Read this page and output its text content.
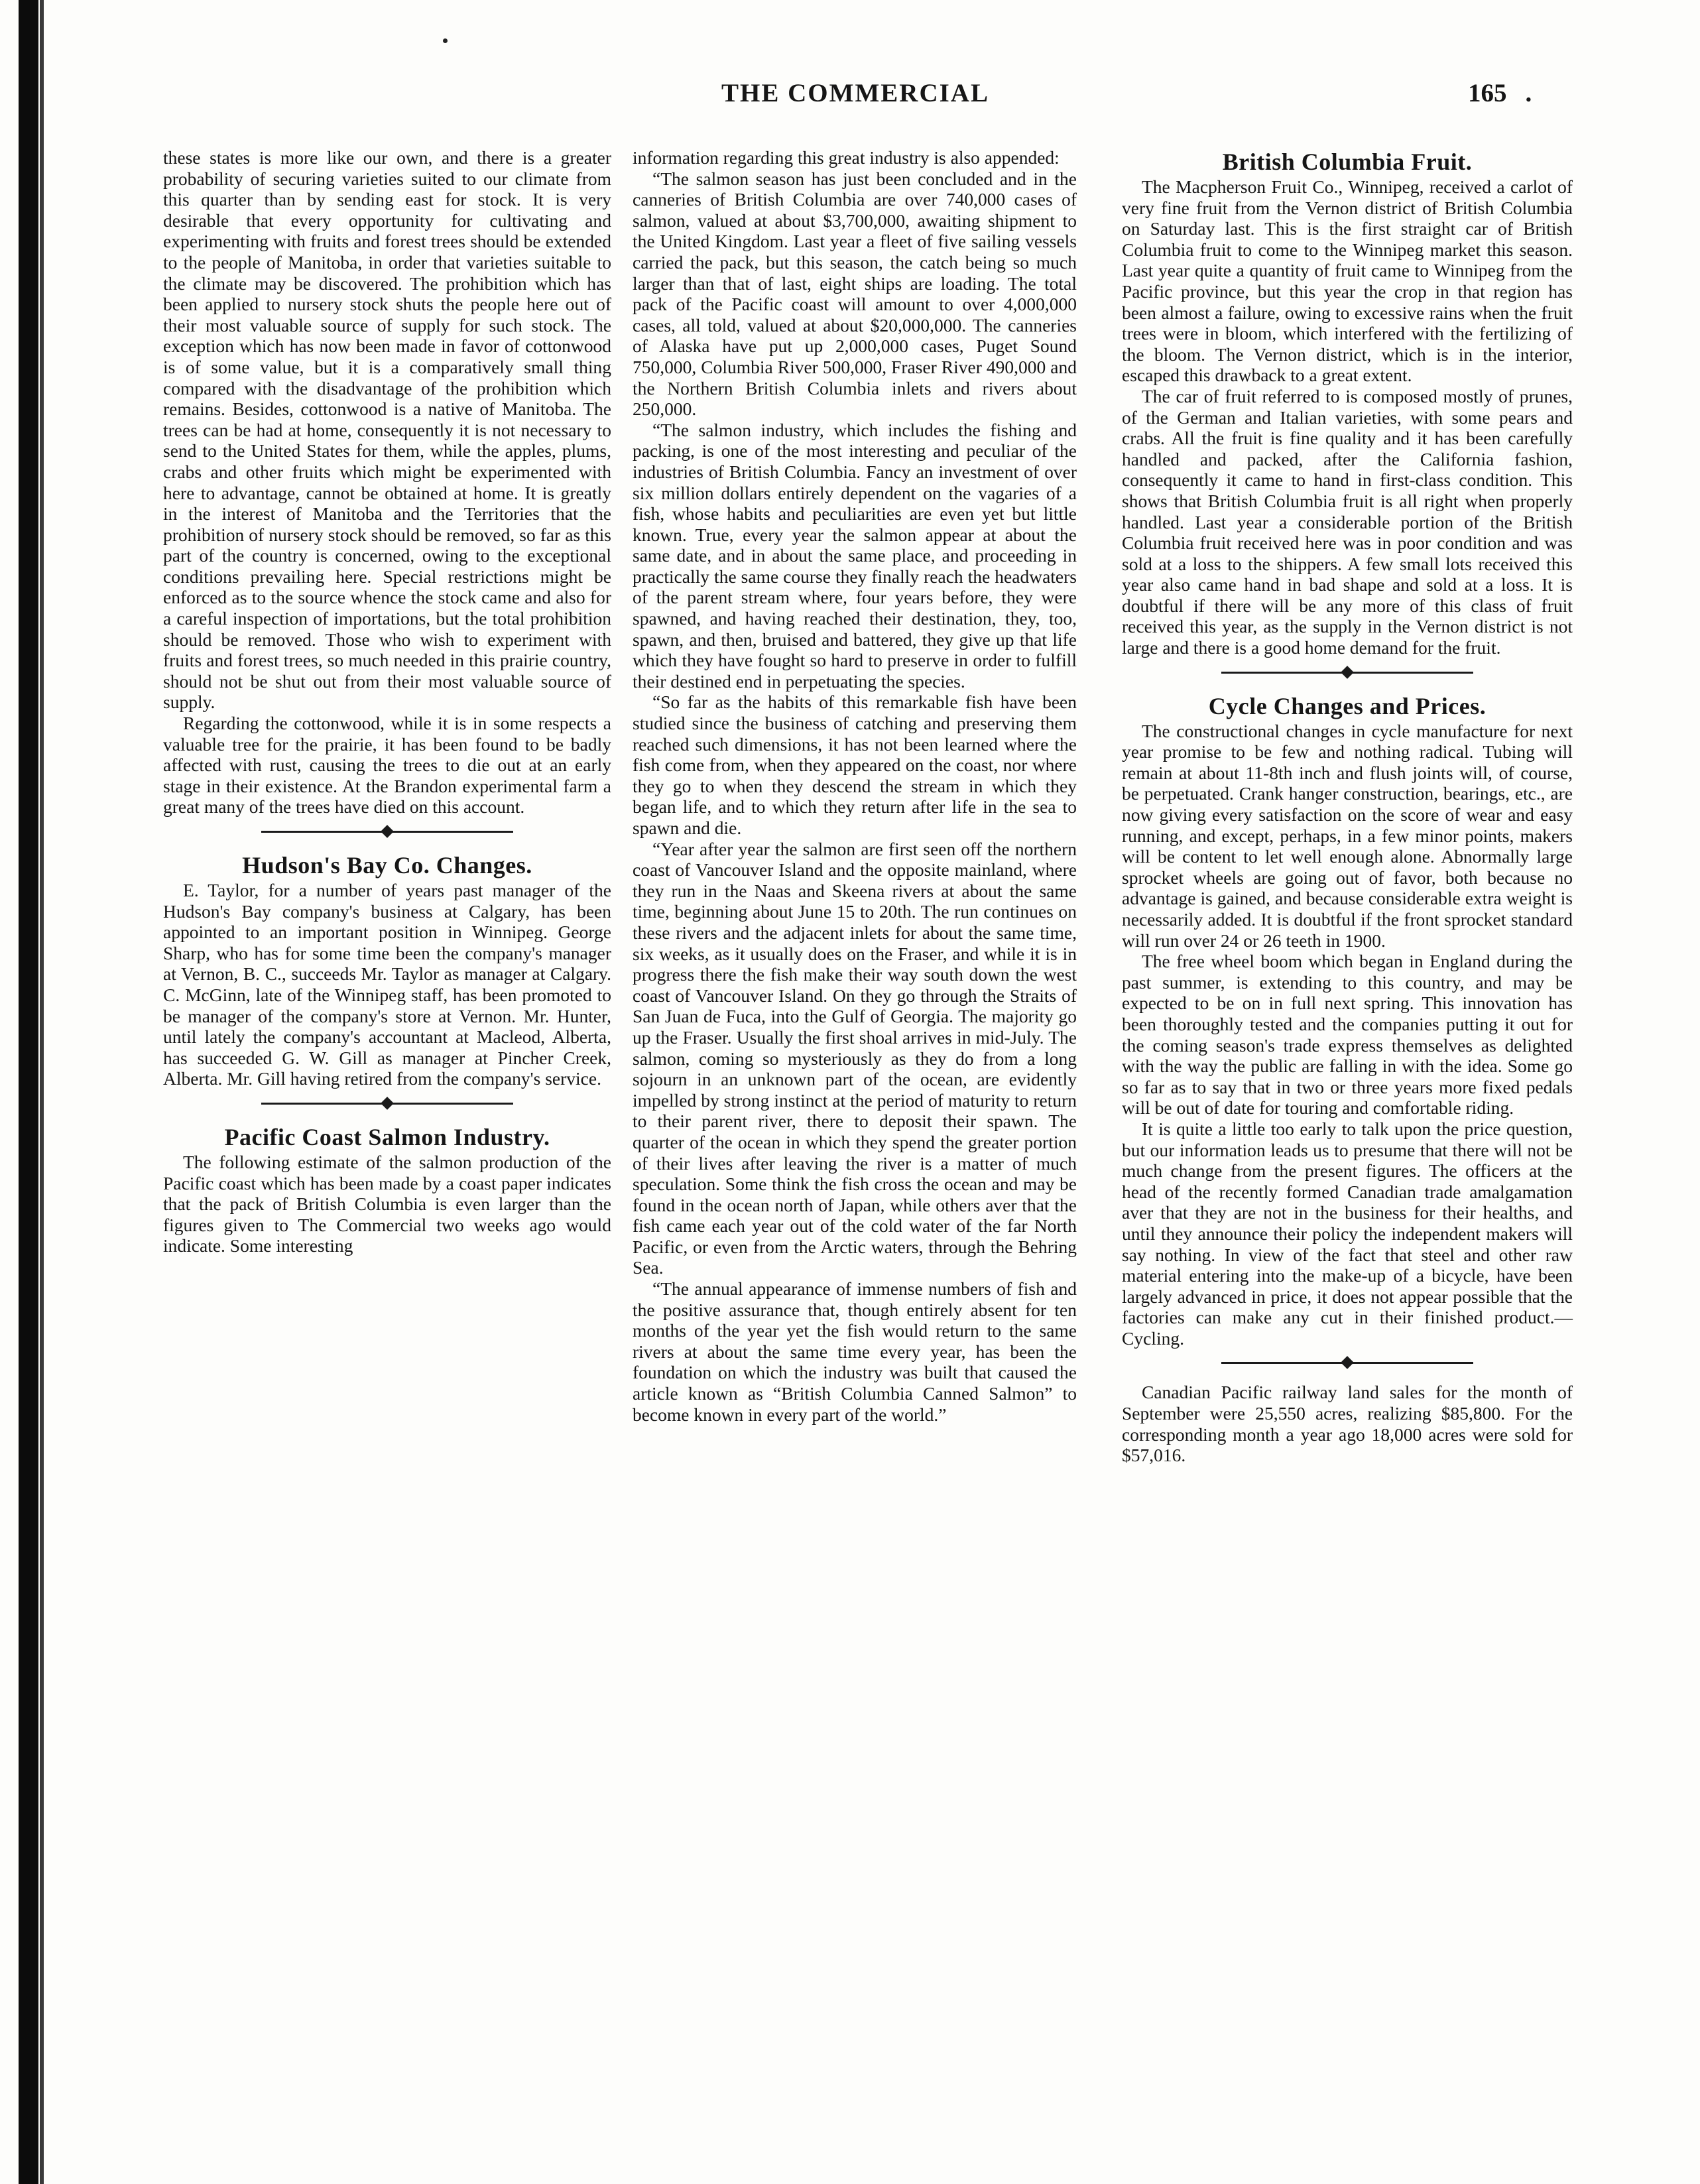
THE COMMERCIAL	165 .

these states is more like our own, and there is a greater probability of securing varieties suited to our climate from this quarter than by sending east for stock. It is very desirable that every opportunity for cultivating and experimenting with fruits and forest trees should be extended to the people of Manitoba, in order that varieties suitable to the climate may be discovered. The prohibition which has been applied to nursery stock shuts the people here out of their most valuable source of supply for such stock. The exception which has now been made in favor of cottonwood is of some value, but it is a comparatively small thing compared with the disadvantage of the prohibition which remains. Besides, cottonwood is a native of Manitoba. The trees can be had at home, consequently it is not necessary to send to the United States for them, while the apples, plums, crabs and other fruits which might be experimented with here to advantage, cannot be obtained at home. It is greatly in the interest of Manitoba and the Territories that the prohibition of nursery stock should be removed, so far as this part of the country is concerned, owing to the exceptional conditions prevailing here. Special restrictions might be enforced as to the source whence the stock came and also for a careful inspection of importations, but the total prohibition should be removed. Those who wish to experiment with fruits and forest trees, so much needed in this prairie country, should not be shut out from their most valuable source of supply.

Regarding the cottonwood, while it is in some respects a valuable tree for the prairie, it has been found to be badly affected with rust, causing the trees to die out at an early stage in their existence. At the Brandon experimental farm a great many of the trees have died on this account.

Hudson's Bay Co. Changes.

E. Taylor, for a number of years past manager of the Hudson's Bay company's business at Calgary, has been appointed to an important position in Winnipeg. George Sharp, who has for some time been the company's manager at Vernon, B. C., succeeds Mr. Taylor as manager at Calgary. C. McGinn, late of the Winnipeg staff, has been promoted to be manager of the company's store at Vernon. Mr. Hunter, until lately the company's accountant at Macleod, Alberta, has succeeded G. W. Gill as manager at Pincher Creek, Alberta. Mr. Gill having retired from the company's service.

Pacific Coast Salmon Industry.

The following estimate of the salmon production of the Pacific coast which has been made by a coast paper indicates that the pack of British Columbia is even larger than the figures given to The Commercial two weeks ago would indicate. Some interesting

information regarding this great industry is also appended:

“The salmon season has just been concluded and in the canneries of British Columbia are over 740,000 cases of salmon, valued at about $3,700,000, awaiting shipment to the United Kingdom. Last year a fleet of five sailing vessels carried the pack, but this season, the catch being so much larger than that of last, eight ships are loading. The total pack of the Pacific coast will amount to over 4,000,000 cases, all told, valued at about $20,000,000. The canneries of Alaska have put up 2,000,000 cases, Puget Sound 750,000, Columbia River 500,000, Fraser River 490,000 and the Northern British Columbia inlets and rivers about 250,000.

“The salmon industry, which includes the fishing and packing, is one of the most interesting and peculiar of the industries of British Columbia. Fancy an investment of over six million dollars entirely dependent on the vagaries of a fish, whose habits and peculiarities are even yet but little known. True, every year the salmon appear at about the same date, and in about the same place, and proceeding in practically the same course they finally reach the headwaters of the parent stream where, four years before, they were spawned, and having reached their destination, they, too, spawn, and then, bruised and battered, they give up that life which they have fought so hard to preserve in order to fulfill their destined end in perpetuating the species.

“So far as the habits of this remarkable fish have been studied since the business of catching and preserving them reached such dimensions, it has not been learned where the fish come from, when they appeared on the coast, nor where they go to when they descend the stream in which they began life, and to which they return after life in the sea to spawn and die.

“Year after year the salmon are first seen off the northern coast of Vancouver Island and the opposite mainland, where they run in the Naas and Skeena rivers at about the same time, beginning about June 15 to 20th. The run continues on these rivers and the adjacent inlets for about the same time, six weeks, as it usually does on the Fraser, and while it is in progress there the fish make their way south down the west coast of Vancouver Island. On they go through the Straits of San Juan de Fuca, into the Gulf of Georgia. The majority go up the Fraser. Usually the first shoal arrives in mid-July. The salmon, coming so mysteriously as they do from a long sojourn in an unknown part of the ocean, are evidently impelled by strong instinct at the period of maturity to return to their parent river, there to deposit their spawn. The quarter of the ocean in which they spend the greater portion of their lives after leaving the river is a matter of much speculation. Some think the fish cross the ocean and may be found in the ocean north of Japan, while others aver that the fish came each year out of the cold water of the far North Pacific, or even from the Arctic waters, through the Behring Sea.

“The annual appearance of immense numbers of fish and the positive assurance that, though entirely absent for ten months of the year yet the fish would return to the same rivers at about the same time every year, has been the foundation on which the industry was built that caused the article known as “British Columbia Canned Salmon” to become known in every part of the world.”

British Columbia Fruit.

The Macpherson Fruit Co., Winnipeg, received a carlot of very fine fruit from the Vernon district of British Columbia on Saturday last. This is the first straight car of British Columbia fruit to come to the Winnipeg market this season. Last year quite a quantity of fruit came to Winnipeg from the Pacific province, but this year the crop in that region has been almost a failure, owing to excessive rains when the fruit trees were in bloom, which interfered with the fertilizing of the bloom. The Vernon district, which is in the interior, escaped this drawback to a great extent.

The car of fruit referred to is composed mostly of prunes, of the German and Italian varieties, with some pears and crabs. All the fruit is fine quality and it has been carefully handled and packed, after the California fashion, consequently it came to hand in first-class condition. This shows that British Columbia fruit is all right when properly handled. Last year a considerable portion of the British Columbia fruit received here was in poor condition and was sold at a loss to the shippers. A few small lots received this year also came hand in bad shape and sold at a loss. It is doubtful if there will be any more of this class of fruit received this year, as the supply in the Vernon district is not large and there is a good home demand for the fruit.

Cycle Changes and Prices.

The constructional changes in cycle manufacture for next year promise to be few and nothing radical. Tubing will remain at about 11-8th inch and flush joints will, of course, be perpetuated. Crank hanger construction, bearings, etc., are now giving every satisfaction on the score of wear and easy running, and except, perhaps, in a few minor points, makers will be content to let well enough alone. Abnormally large sprocket wheels are going out of favor, both because no advantage is gained, and because considerable extra weight is necessarily added. It is doubtful if the front sprocket standard will run over 24 or 26 teeth in 1900.

The free wheel boom which began in England during the past summer, is extending to this country, and may be expected to be on in full next spring. This innovation has been thoroughly tested and the companies putting it out for the coming season's trade express themselves as delighted with the way the public are falling in with the idea. Some go so far as to say that in two or three years more fixed pedals will be out of date for touring and comfortable riding.

It is quite a little too early to talk upon the price question, but our information leads us to presume that there will not be much change from the present figures. The officers at the head of the recently formed Canadian trade amalgamation aver that they are not in the business for their healths, and until they announce their policy the independent makers will say nothing. In view of the fact that steel and other raw material entering into the make-up of a bicycle, have been largely advanced in price, it does not appear possible that the factories can make any cut in their finished product.—Cycling.

Canadian Pacific railway land sales for the month of September were 25,550 acres, realizing $85,800. For the corresponding month a year ago 18,000 acres were sold for $57,016.
